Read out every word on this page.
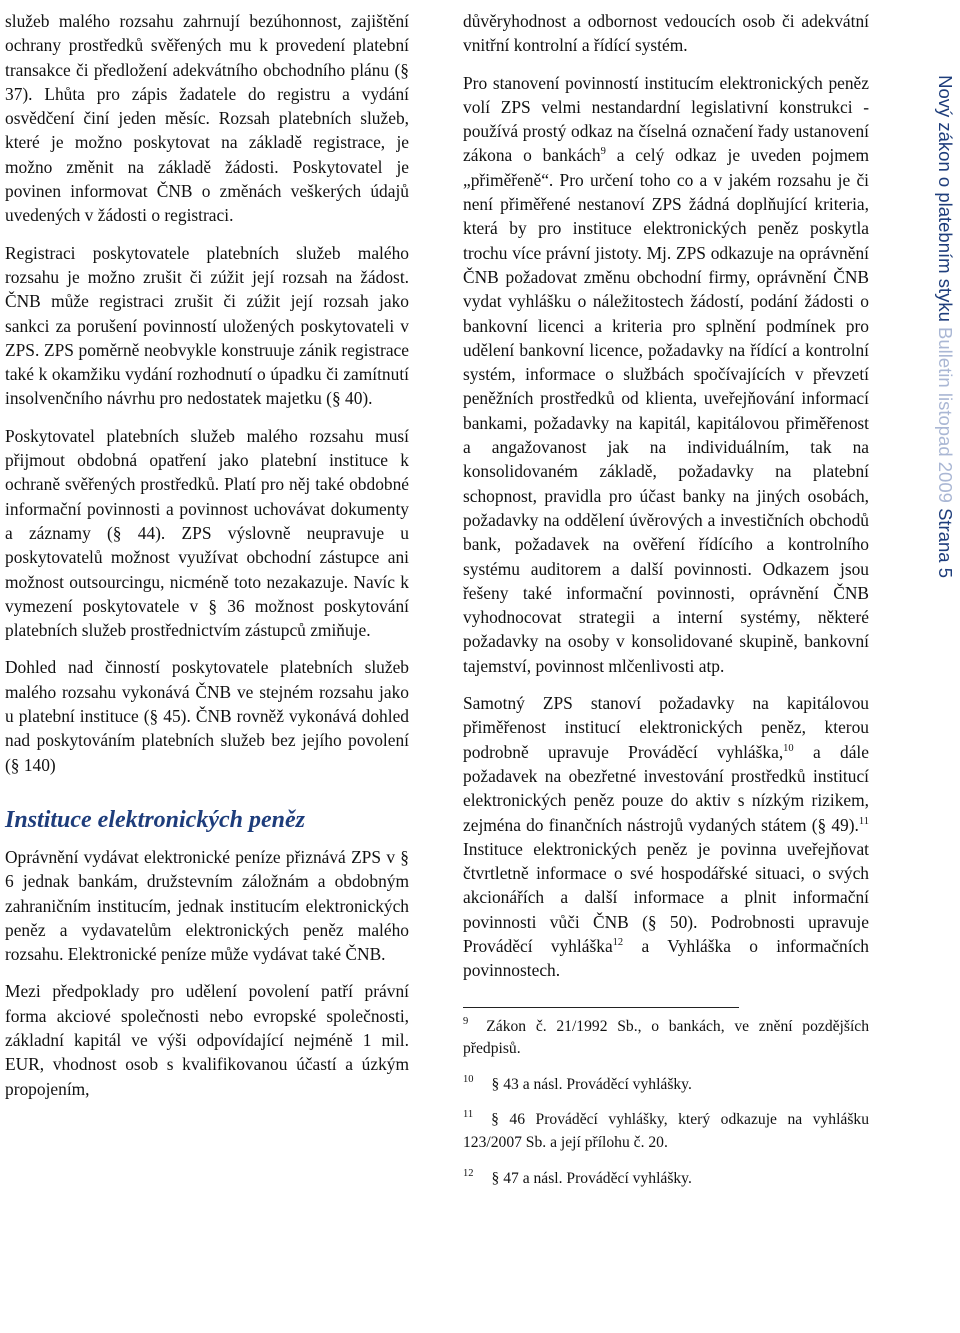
služeb malého rozsahu zahrnují bezúhonnost, zajištění ochrany prostředků svěřených mu k provedení platební transakce či předložení adekvátního obchodního plánu (§ 37). Lhůta pro zápis žadatele do registru a vydání osvědčení činí jeden měsíc. Rozsah platebních služeb, které je možno poskytovat na základě registrace, je možno změnit na základě žádosti. Poskytovatel je povinen informovat ČNB o změnách veškerých údajů uvedených v žádosti o registraci.

Registraci poskytovatele platebních služeb malého rozsahu je možno zrušit či zúžit její rozsah na žádost. ČNB může registraci zrušit či zúžit její rozsah jako sankci za porušení povinností uložených poskytovateli v ZPS. ZPS poměrně neobvykle konstruuje zánik registrace také k okamžiku vydání rozhodnutí o úpadku či zamítnutí insolvenčního návrhu pro nedostatek majetku (§ 40).

Poskytovatel platebních služeb malého rozsahu musí přijmout obdobná opatření jako platební instituce k ochraně svěřených prostředků. Platí pro něj také obdobné informační povinnosti a povinnost uchovávat dokumenty a záznamy (§ 44). ZPS výslovně neupravuje u poskytovatelů možnost využívat obchodní zástupce ani možnost outsourcingu, nicméně toto nezakazuje. Navíc k vymezení poskytovatele v § 36 možnost poskytování platebních služeb prostřednictvím zástupců zmiňuje.

Dohled nad činností poskytovatele platebních služeb malého rozsahu vykonává ČNB ve stejném rozsahu jako u platební instituce (§ 45). ČNB rovněž vykonává dohled nad poskytováním platebních služeb bez jejího povolení (§ 140)

Instituce elektronických peněz

Oprávnění vydávat elektronické peníze přiznává ZPS v § 6 jednak bankám, družstevním záložnám a obdobným zahraničním institucím, jednak institucím elektronických peněz a vydavatelům elektronických peněz malého rozsahu. Elektronické peníze může vydávat také ČNB.

Mezi předpoklady pro udělení povolení patří právní forma akciové společnosti nebo evropské společnosti, základní kapitál ve výši odpovídající nejméně 1 mil. EUR, vhodnost osob s kvalifikovanou účastí a úzkým propojením,

důvěryhodnost a odbornost vedoucích osob či adekvátní vnitřní kontrolní a řídící systém.

Pro stanovení povinností institucím elektronických peněz volí ZPS velmi nestandardní legislativní konstrukci - používá prostý odkaz na číselná označení řady ustanovení zákona o bankách$^9$ a celý odkaz je uveden pojmem „přiměřeně“. Pro určení toho co a v jakém rozsahu je či není přiměřené nestanoví ZPS žádná doplňující kriteria, která by pro instituce elektronických peněz poskytla trochu více právní jistoty. Mj. ZPS odkazuje na oprávnění ČNB požadovat změnu obchodní firmy, oprávnění ČNB vydat vyhlášku o náležitostech žádostí, podání žádosti o bankovní licenci a kriteria pro splnění podmínek pro udělení bankovní licence, požadavky na řídící a kontrolní systém, informace o službách spočívajících v převzetí peněžních prostředků od klienta, uveřejňování informací bankami, požadavky na kapitál, kapitálovou přiměřenost a angažovanost jak na individuálním, tak na konsolidovaném základě, požadavky na platební schopnost, pravidla pro účast banky na jiných osobách, požadavky na oddělení úvěrových a investičních obchodů bank, požadavek na ověření řídícího a kontrolního systému auditorem a další povinnosti. Odkazem jsou řešeny také informační povinnosti, oprávnění ČNB vyhodnocovat strategii a interní systémy, některé požadavky na osoby v konsolidované skupině, bankovní tajemství, povinnost mlčenlivosti atp.

Samotný ZPS stanoví požadavky na kapitálovou přiměřenost institucí elektronických peněz, kterou podrobně upravuje Prováděcí vyhláška,$^{10}$ a dále požadavek na obezřetné investování prostředků institucí elektronických peněz pouze do aktiv s nízkým rizikem, zejména do finančních nástrojů vydaných státem (§ 49).$^{11}$ Instituce elektronických peněz je povinna uveřejňovat čtvrtletně informace o své hospodářské situaci, o svých akcionářích a další informace a plnit informační povinnosti vůči ČNB (§ 50). Podrobnosti upravuje Prováděcí vyhláška$^{12}$ a Vyhláška o informačních povinnostech.

$^9$ Zákon č. 21/1992 Sb., o bankách, ve znění pozdějších předpisů.

$^{10}$ § 43 a násl. Prováděcí vyhlášky.

$^{11}$ § 46 Prováděcí vyhlášky, který odkazuje na vyhlášku 123/2007 Sb. a její přílohu č. 20.

$^{12}$ § 47 a násl. Prováděcí vyhlášky.

Nový zákon o platebním styku Bulletin listopad 2009 Strana 5
